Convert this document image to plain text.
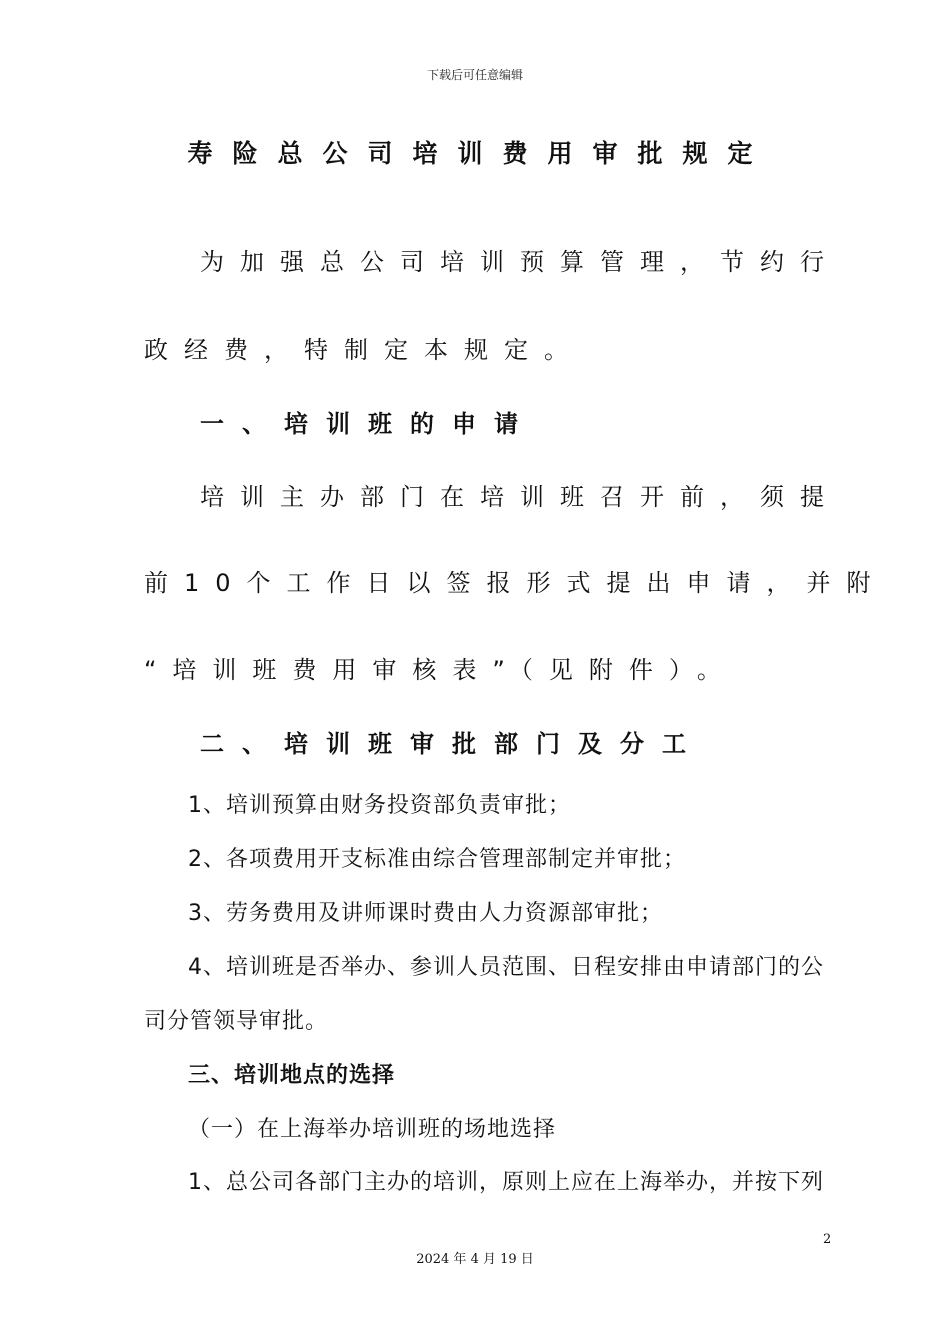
下载后可任意编辑
寿险总公司培训费用审批规定
为加强总公司培训预算管理，节约行
政经费，特制定本规定。
一、培训班的申请
培训主办部门在培训班召开前，须提
前10个工作日以签报形式提出申请，并附
“培训班费用审核表”（见附件）。
二、培训班审批部门及分工
1、培训预算由财务投资部负责审批；
2、各项费用开支标准由综合管理部制定并审批；
3、劳务费用及讲师课时费由人力资源部审批；
4、培训班是否举办、参训人员范围、日程安排由申请部门的公
司分管领导审批。
三、培训地点的选择
（一）在上海举办培训班的场地选择
1、总公司各部门主办的培训，原则上应在上海举办，并按下列
2
2024 年 4 月 19 日
